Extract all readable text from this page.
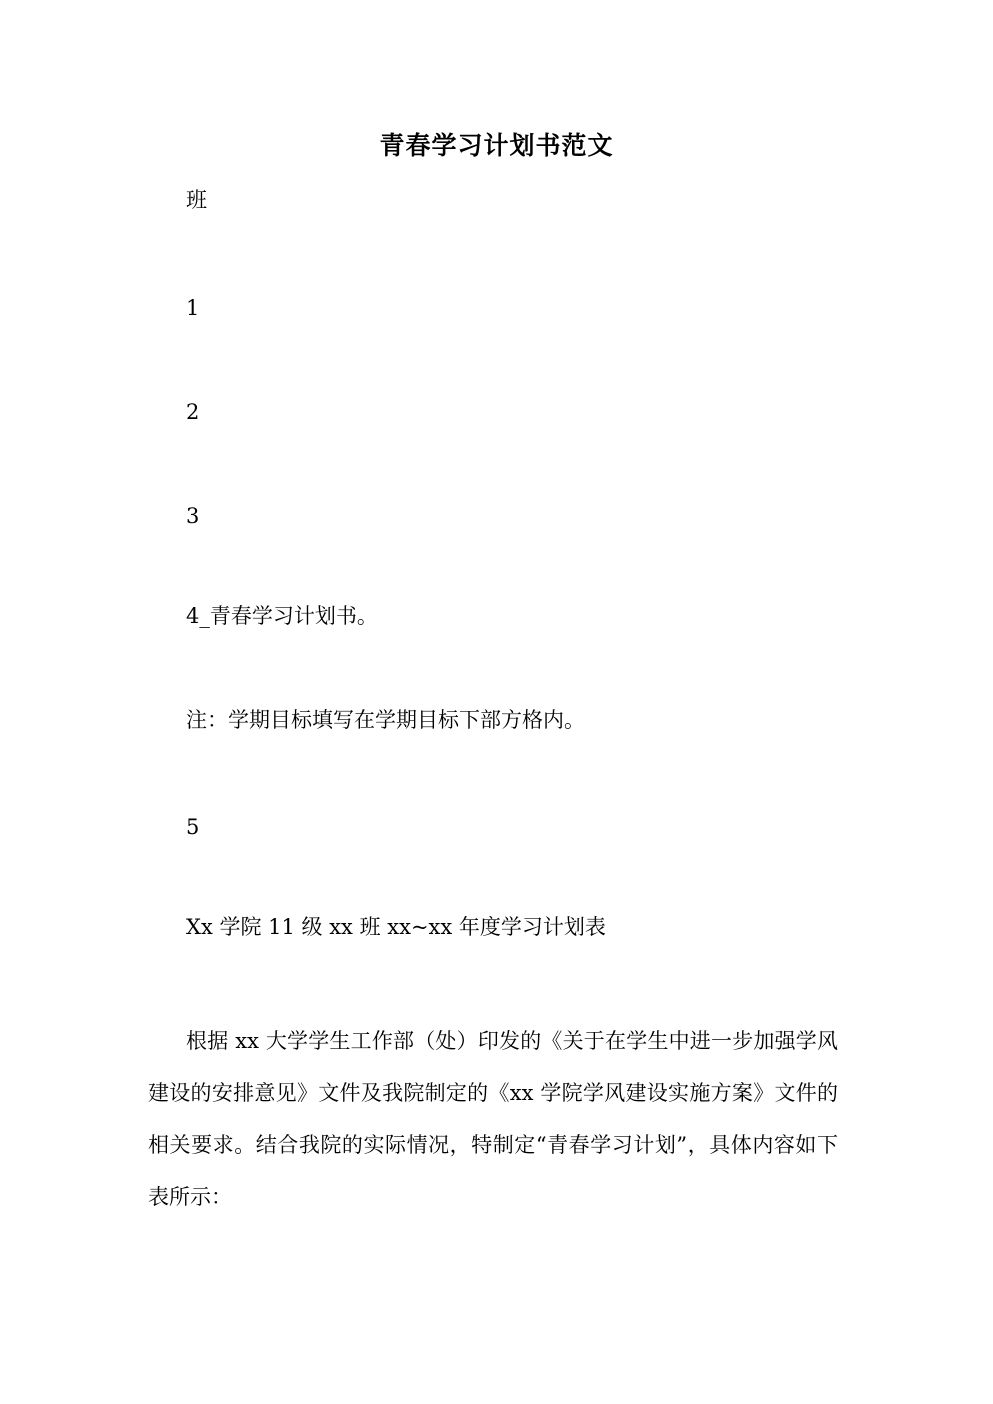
青春学习计划书范文
班
1
2
3
4_青春学习计划书。
注：学期目标填写在学期目标下部方格内。
5
Xx 学院 11 级 xx 班 xx~xx 年度学习计划表
根据 xx 大学学生工作部（处）印发的《关于在学生中进一步加强学风建设的安排意见》文件及我院制定的《xx 学院学风建设实施方案》文件的相关要求。结合我院的实际情况，特制定“青春学习计划”，具体内容如下表所示：
